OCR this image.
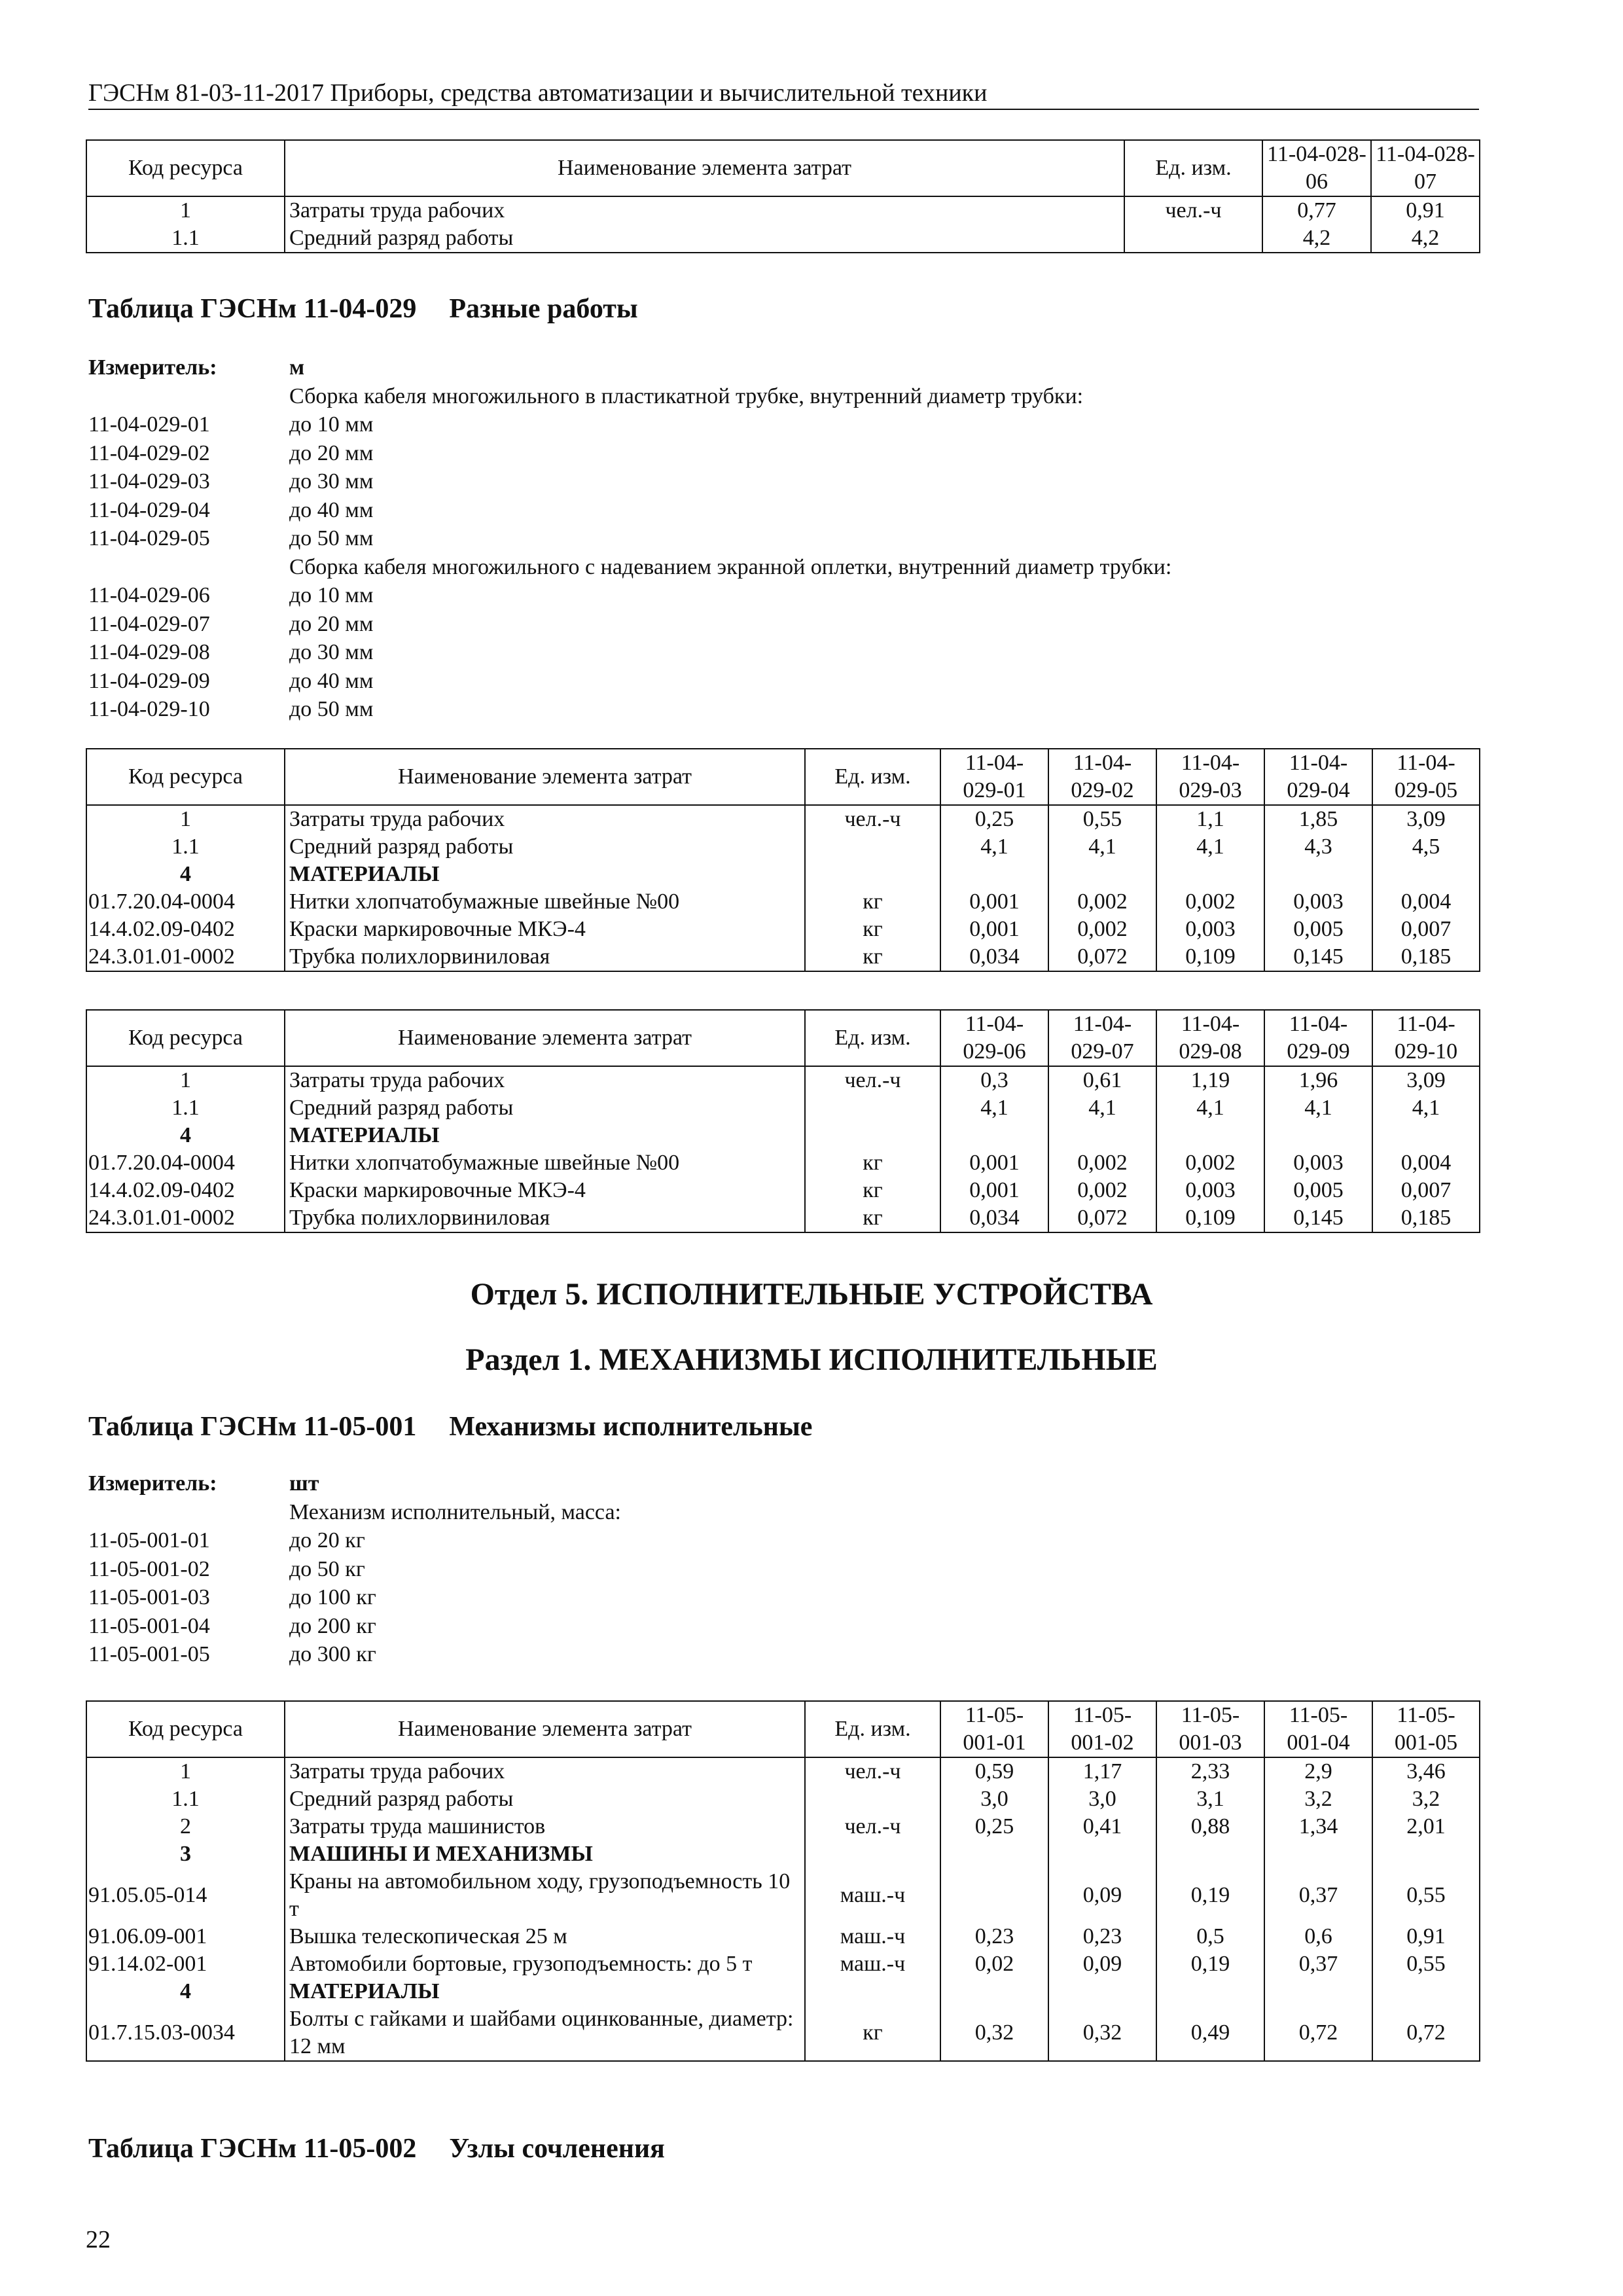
ГЭСНм 81-03-11-2017 Приборы, средства автоматизации и вычислительной техники
Код ресурса	Наименование элемента затрат	Ед. изм.	11-04-028-06	11-04-028-07
1	Затраты труда рабочих	чел.-ч	0,77	0,91
1.1	Средний разряд работы		4,2	4,2
Таблица ГЭСНм 11-04-029 Разные работы
Измеритель:	м
Сборка кабеля многожильного в пластикатной трубке, внутренний диаметр трубки:
11-04-029-01	до 10 мм
11-04-029-02	до 20 мм
11-04-029-03	до 30 мм
11-04-029-04	до 40 мм
11-04-029-05	до 50 мм
Сборка кабеля многожильного с надеванием экранной оплетки, внутренний диаметр трубки:
11-04-029-06	до 10 мм
11-04-029-07	до 20 мм
11-04-029-08	до 30 мм
11-04-029-09	до 40 мм
11-04-029-10	до 50 мм
Код ресурса	Наименование элемента затрат	Ед. изм.	11-04-029-01	11-04-029-02	11-04-029-03	11-04-029-04	11-04-029-05
1	Затраты труда рабочих	чел.-ч	0,25	0,55	1,1	1,85	3,09
1.1	Средний разряд работы		4,1	4,1	4,1	4,3	4,5
4	МАТЕРИАЛЫ						
01.7.20.04-0004	Нитки хлопчатобумажные швейные №00	кг	0,001	0,002	0,002	0,003	0,004
14.4.02.09-0402	Краски маркировочные МКЭ-4	кг	0,001	0,002	0,003	0,005	0,007
24.3.01.01-0002	Трубка полихлорвиниловая	кг	0,034	0,072	0,109	0,145	0,185
Код ресурса	Наименование элемента затрат	Ед. изм.	11-04-029-06	11-04-029-07	11-04-029-08	11-04-029-09	11-04-029-10
1	Затраты труда рабочих	чел.-ч	0,3	0,61	1,19	1,96	3,09
1.1	Средний разряд работы		4,1	4,1	4,1	4,1	4,1
4	МАТЕРИАЛЫ						
01.7.20.04-0004	Нитки хлопчатобумажные швейные №00	кг	0,001	0,002	0,002	0,003	0,004
14.4.02.09-0402	Краски маркировочные МКЭ-4	кг	0,001	0,002	0,003	0,005	0,007
24.3.01.01-0002	Трубка полихлорвиниловая	кг	0,034	0,072	0,109	0,145	0,185
Отдел 5. ИСПОЛНИТЕЛЬНЫЕ УСТРОЙСТВА
Раздел 1. МЕХАНИЗМЫ ИСПОЛНИТЕЛЬНЫЕ
Таблица ГЭСНм 11-05-001 Механизмы исполнительные
Измеритель:	шт
Механизм исполнительный, масса:
11-05-001-01	до 20 кг
11-05-001-02	до 50 кг
11-05-001-03	до 100 кг
11-05-001-04	до 200 кг
11-05-001-05	до 300 кг
Код ресурса	Наименование элемента затрат	Ед. изм.	11-05-001-01	11-05-001-02	11-05-001-03	11-05-001-04	11-05-001-05
1	Затраты труда рабочих	чел.-ч	0,59	1,17	2,33	2,9	3,46
1.1	Средний разряд работы		3,0	3,0	3,1	3,2	3,2
2	Затраты труда машинистов	чел.-ч	0,25	0,41	0,88	1,34	2,01
3	МАШИНЫ И МЕХАНИЗМЫ						
91.05.05-014	Краны на автомобильном ходу, грузоподъемность 10 т	маш.-ч		0,09	0,19	0,37	0,55
91.06.09-001	Вышка телескопическая 25 м	маш.-ч	0,23	0,23	0,5	0,6	0,91
91.14.02-001	Автомобили бортовые, грузоподъемность: до 5 т	маш.-ч	0,02	0,09	0,19	0,37	0,55
4	МАТЕРИАЛЫ						
01.7.15.03-0034	Болты с гайками и шайбами оцинкованные, диаметр: 12 мм	кг	0,32	0,32	0,49	0,72	0,72
Таблица ГЭСНм 11-05-002 Узлы сочленения
22
